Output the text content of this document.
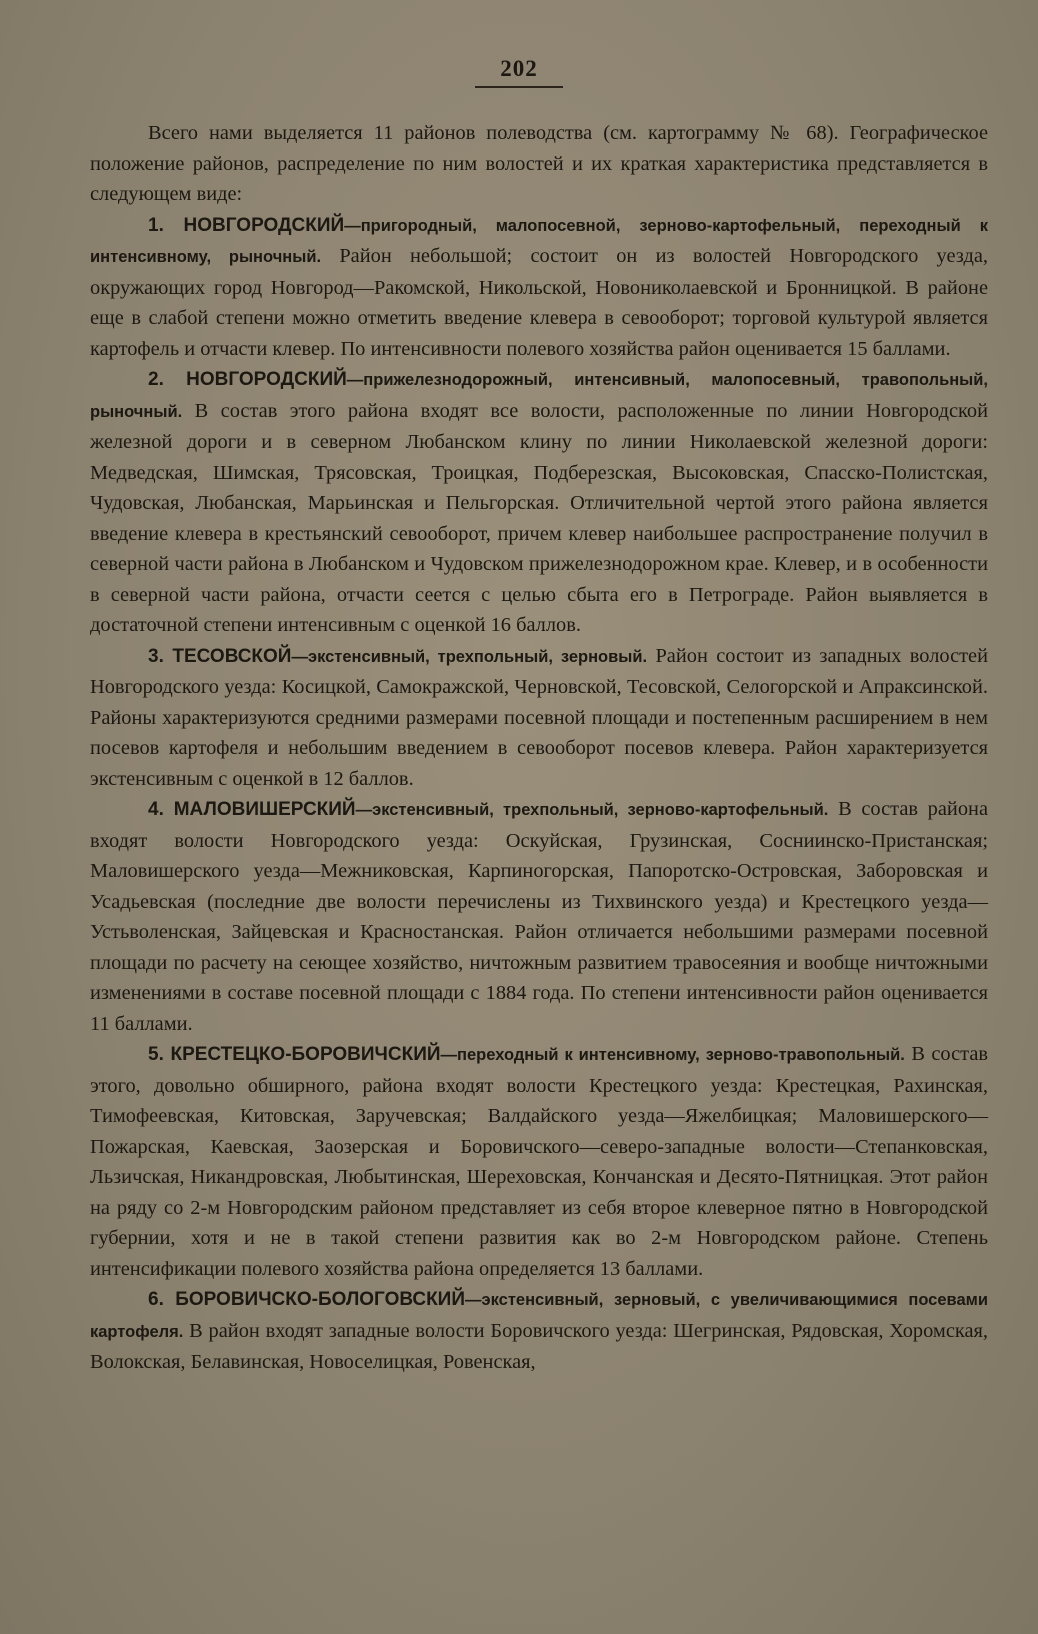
202

Всего нами выделяется 11 районов полеводства (см. картограмму № 68). Географическое положение районов, распределение по ним волостей и их краткая характеристика представляется в следующем виде:

1. НОВГОРОДСКИЙ—пригородный, малопосевной, зерново-картофельный, переходный к интенсивному, рыночный. Район небольшой; состоит он из волостей Новгородского уезда, окружающих город Новгород—Ракомской, Никольской, Новониколаевской и Бронницкой. В районе еще в слабой степени можно отметить введение клевера в севооборот; торговой культурой является картофель и отчасти клевер. По интенсивности полевого хозяйства район оценивается 15 баллами.

2. НОВГОРОДСКИЙ—прижелезнодорожный, интенсивный, малопосевный, травопольный, рыночный. В состав этого района входят все волости, расположенные по линии Новгородской железной дороги и в северном Любанском клину по линии Николаевской железной дороги: Медведская, Шимская, Трясовская, Троицкая, Подберезская, Высоковская, Спасско-Полистская, Чудовская, Любанская, Марьинская и Пельгорская. Отличительной чертой этого района является введение клевера в крестьянский севооборот, причем клевер наибольшее распространение получил в северной части района в Любанском и Чудовском прижелезнодорожном крае. Клевер, и в особенности в северной части района, отчасти сеется с целью сбыта его в Петрограде. Район выявляется в достаточной степени интенсивным с оценкой 16 баллов.

3. ТЕСОВСКОЙ—экстенсивный, трехпольный, зерновый. Район состоит из западных волостей Новгородского уезда: Косицкой, Самокражской, Черновской, Тесовской, Селогорской и Апраксинской. Районы характеризуются средними размерами посевной площади и постепенным расширением в нем посевов картофеля и небольшим введением в севооборот посевов клевера. Район характеризуется экстенсивным с оценкой в 12 баллов.

4. МАЛОВИШЕРСКИЙ—экстенсивный, трехпольный, зерново-картофельный. В состав района входят волости Новгородского уезда: Оскуйская, Грузинская, Сосниинско-Пристанская; Маловишерского уезда—Межниковская, Карпиногорская, Папоротско-Островская, Заборовская и Усадьевская (последние две волости перечислены из Тихвинского уезда) и Крестецкого уезда—Устьволенская, Зайцевская и Красностанская. Район отличается небольшими размерами посевной площади по расчету на сеющее хозяйство, ничтожным развитием травосеяния и вообще ничтожными изменениями в составе посевной площади с 1884 года. По степени интенсивности район оценивается 11 баллами.

5. КРЕСТЕЦКО-БОРОВИЧСКИЙ—переходный к интенсивному, зерново-травопольный. В состав этого, довольно обширного, района входят волости Крестецкого уезда: Крестецкая, Рахинская, Тимофеевская, Китовская, Заручевская; Валдайского уезда—Яжелбицкая; Маловишерского—Пожарская, Каевская, Заозерская и Боровичского—северо-западные волости—Степанковская, Льзичская, Никандровская, Любытинская, Шереховская, Кончанская и Десято-Пятницкая. Этот район на ряду со 2-м Новгородским районом представляет из себя второе клеверное пятно в Новгородской губернии, хотя и не в такой степени развития как во 2-м Новгородском районе. Степень интенсификации полевого хозяйства района определяется 13 баллами.

6. БОРОВИЧСКО-БОЛОГОВСКИЙ—экстенсивный, зерновый, с увеличивающимися посевами картофеля. В район входят западные волости Боровичского уезда: Шегринская, Рядовская, Хоромская, Волокская, Белавинская, Новоселицкая, Ровенская,
